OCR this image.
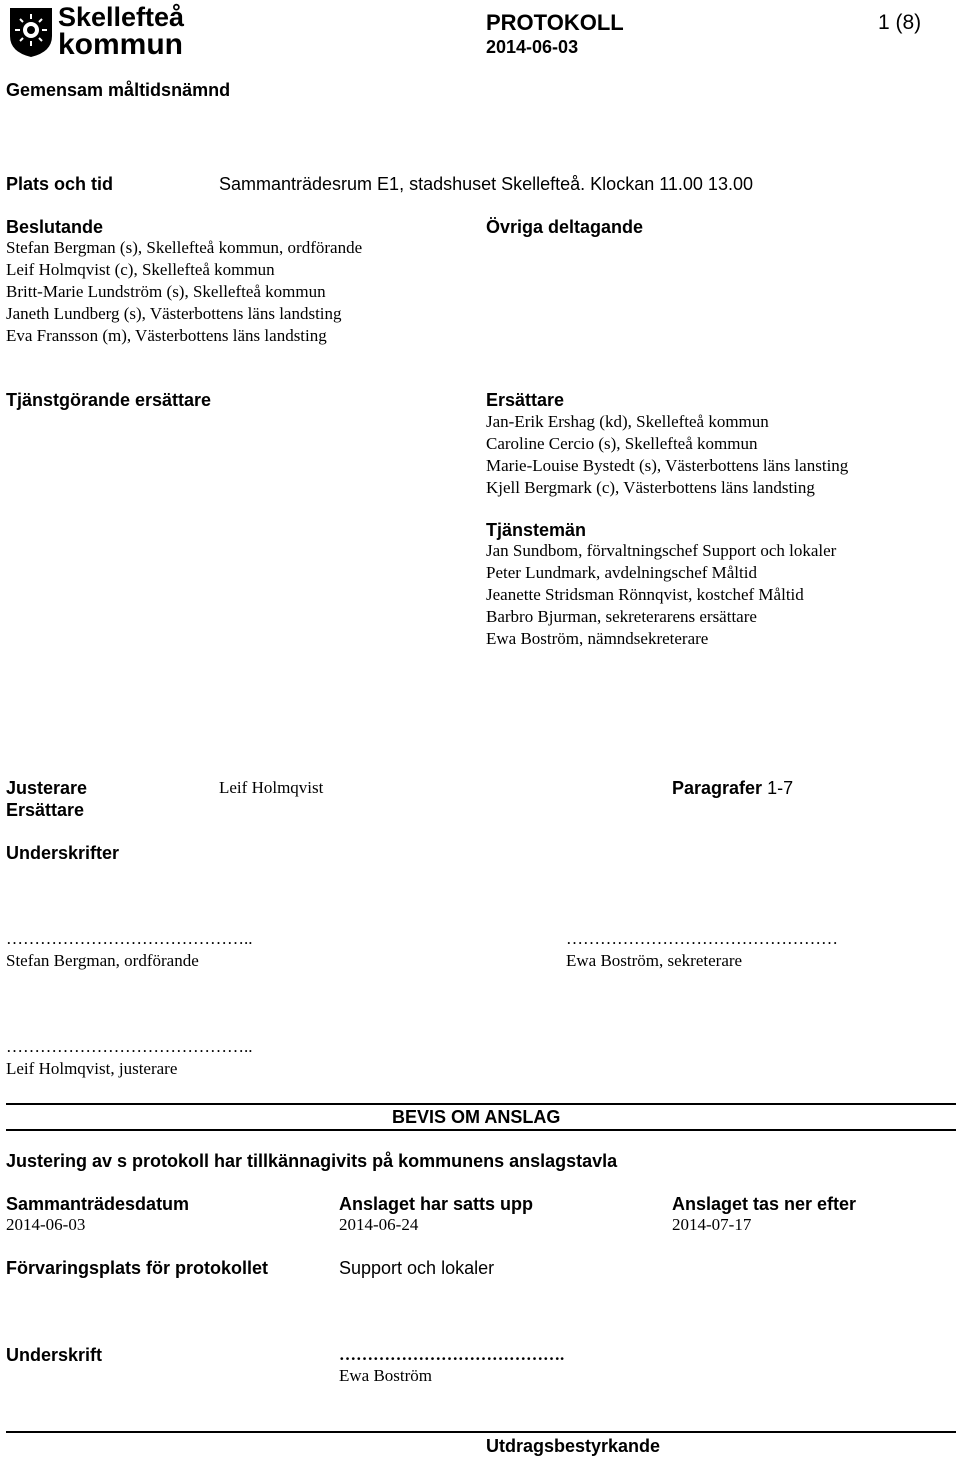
Skellefteå
kommun
PROTOKOLL	1 (8)
2014-06-03
Gemensam måltidsnämnd
Plats och tid	Sammanträdesrum E1, stadshuset Skellefteå. Klockan 11.00 13.00
Beslutande
Stefan Bergman (s), Skellefteå kommun, ordförande
Leif Holmqvist (c), Skellefteå kommun
Britt-Marie Lundström (s), Skellefteå kommun
Janeth Lundberg (s), Västerbottens läns landsting
Eva Fransson (m), Västerbottens läns landsting
Övriga deltagande
Tjänstgörande ersättare	Ersättare
Jan-Erik Ershag (kd), Skellefteå kommun
Caroline Cercio (s), Skellefteå kommun
Marie-Louise Bystedt (s), Västerbottens läns lansting
Kjell Bergmark (c), Västerbottens läns landsting
Tjänstemän
Jan Sundbom, förvaltningschef Support och lokaler
Peter Lundmark, avdelningschef Måltid
Jeanette Stridsman Rönnqvist, kostchef Måltid
Barbro Bjurman, sekreterarens ersättare
Ewa Boström, nämndsekreterare
Justerare	Leif Holmqvist	Paragrafer 1-7
Ersättare
Underskrifter
……………………………………..
Stefan Bergman, ordförande
…………………………………………
Ewa Boström, sekreterare
……………………………………..
Leif Holmqvist, justerare
BEVIS OM ANSLAG
Justering av s protokoll har tillkännagivits på kommunens anslagstavla
Sammanträdesdatum
2014-06-03
Anslaget har satts upp
2014-06-24
Anslaget tas ner efter
2014-07-17
Förvaringsplats för protokollet	Support och lokaler
Underskrift	………………………………….
Ewa Boström
Utdragsbestyrkande
